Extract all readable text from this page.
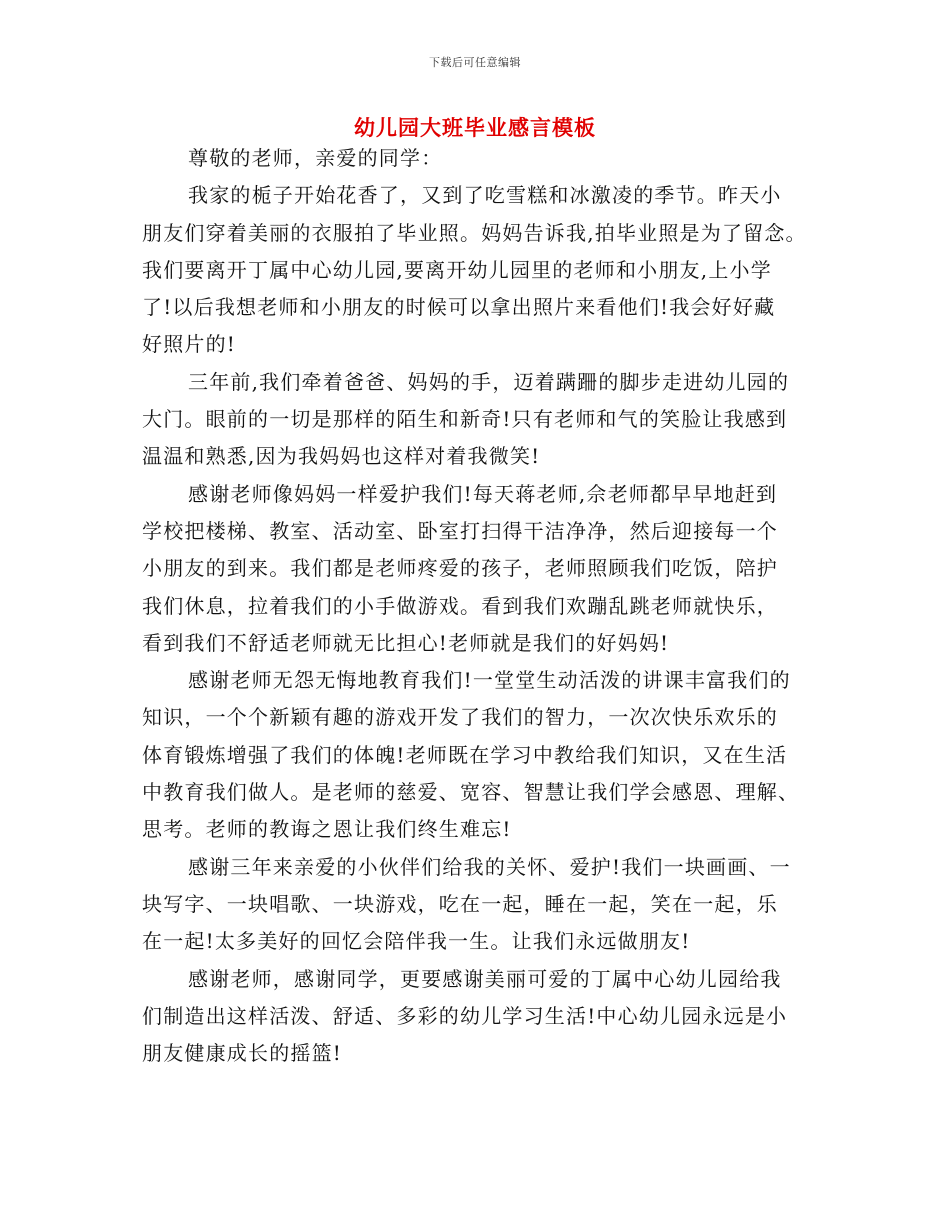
下载后可任意编辑
幼儿园大班毕业感言模板
尊敬的老师，亲爱的同学：
我家的栀子开始花香了，又到了吃雪糕和冰激凌的季节。昨天小
朋友们穿着美丽的衣服拍了毕业照。妈妈告诉我,拍毕业照是为了留念。
我们要离开丁属中心幼儿园,要离开幼儿园里的老师和小朋友,上小学
了!以后我想老师和小朋友的时候可以拿出照片来看他们!我会好好藏
好照片的!
三年前,我们牵着爸爸、妈妈的手，迈着蹒跚的脚步走进幼儿园的
大门。眼前的一切是那样的陌生和新奇!只有老师和气的笑脸让我感到
温温和熟悉,因为我妈妈也这样对着我微笑!
感谢老师像妈妈一样爱护我们!每天蒋老师,佘老师都早早地赶到
学校把楼梯、教室、活动室、卧室打扫得干洁净净，然后迎接每一个
小朋友的到来。我们都是老师疼爱的孩子，老师照顾我们吃饭，陪护
我们休息，拉着我们的小手做游戏。看到我们欢蹦乱跳老师就快乐，
看到我们不舒适老师就无比担心!老师就是我们的好妈妈!
感谢老师无怨无悔地教育我们!一堂堂生动活泼的讲课丰富我们的
知识，一个个新颖有趣的游戏开发了我们的智力，一次次快乐欢乐的
体育锻炼增强了我们的体魄!老师既在学习中教给我们知识，又在生活
中教育我们做人。是老师的慈爱、宽容、智慧让我们学会感恩、理解、
思考。老师的教诲之恩让我们终生难忘!
感谢三年来亲爱的小伙伴们给我的关怀、爱护!我们一块画画、一
块写字、一块唱歌、一块游戏，吃在一起，睡在一起，笑在一起，乐
在一起!太多美好的回忆会陪伴我一生。让我们永远做朋友!
感谢老师，感谢同学，更要感谢美丽可爱的丁属中心幼儿园给我
们制造出这样活泼、舒适、多彩的幼儿学习生活!中心幼儿园永远是小
朋友健康成长的摇篮!
